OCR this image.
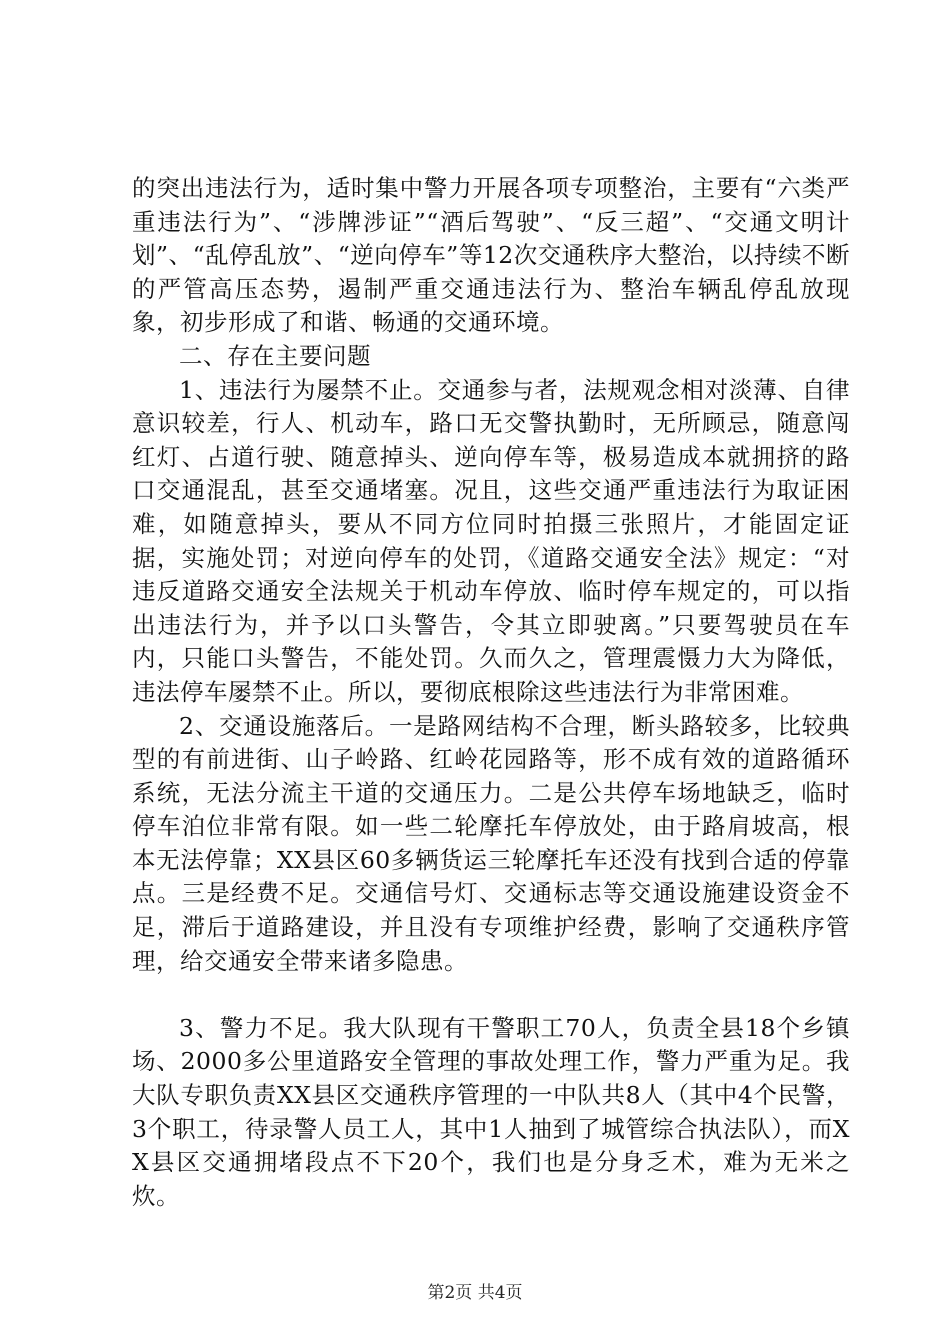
的突出违法行为，适时集中警力开展各项专项整治，主要有“六类严重违法行为”、“涉牌涉证”“酒后驾驶”、“反三超”、“交通文明计划”、“乱停乱放”、“逆向停车”等12次交通秩序大整治，以持续不断的严管高压态势，遏制严重交通违法行为、整治车辆乱停乱放现象，初步形成了和谐、畅通的交通环境。

二、存在主要问题

1、违法行为屡禁不止。交通参与者，法规观念相对淡薄、自律意识较差，行人、机动车，路口无交警执勤时，无所顾忌，随意闯红灯、占道行驶、随意掉头、逆向停车等，极易造成本就拥挤的路口交通混乱，甚至交通堵塞。况且，这些交通严重违法行为取证困难，如随意掉头，要从不同方位同时拍摄三张照片，才能固定证据，实施处罚；对逆向停车的处罚，《道路交通安全法》规定：“对违反道路交通安全法规关于机动车停放、临时停车规定的，可以指出违法行为，并予以口头警告，令其立即驶离。”只要驾驶员在车内，只能口头警告，不能处罚。久而久之，管理震慑力大为降低，违法停车屡禁不止。所以，要彻底根除这些违法行为非常困难。

2、交通设施落后。一是路网结构不合理，断头路较多，比较典型的有前进街、山子岭路、红岭花园路等，形不成有效的道路循环系统，无法分流主干道的交通压力。二是公共停车场地缺乏，临时停车泊位非常有限。如一些二轮摩托车停放处，由于路肩坡高，根本无法停靠；XX县区60多辆货运三轮摩托车还没有找到合适的停靠点。三是经费不足。交通信号灯、交通标志等交通设施建设资金不足，滞后于道路建设，并且没有专项维护经费，影响了交通秩序管理，给交通安全带来诸多隐患。

3、警力不足。我大队现有干警职工70人，负责全县18个乡镇场、2000多公里道路安全管理的事故处理工作，警力严重为足。我大队专职负责XX县区交通秩序管理的一中队共8人（其中4个民警，3个职工，待录警人员工人，其中1人抽到了城管综合执法队），而XX县区交通拥堵段点不下20个，我们也是分身乏术，难为无米之炊。

第2页 共4页
